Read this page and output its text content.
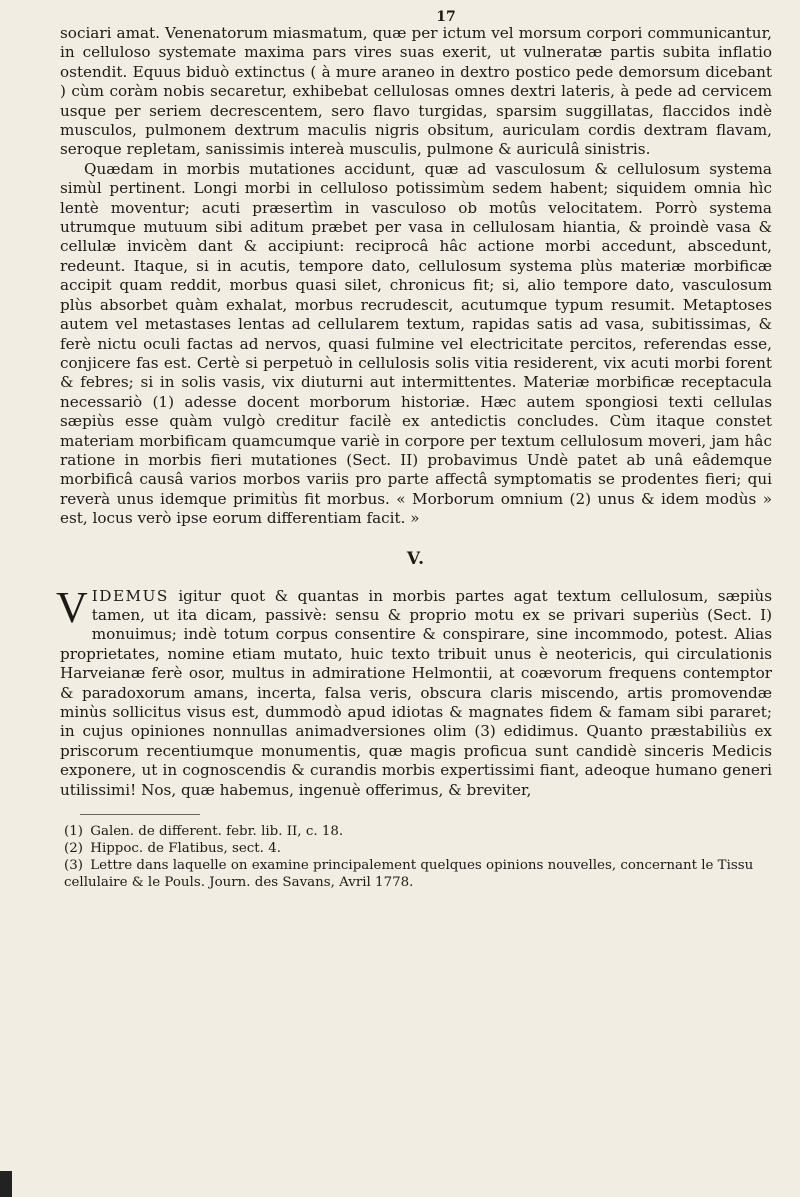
17

sociari amat. Venenatorum miasmatum, quæ per ictum vel morsum corpori communicantur, in celluloso systemate maxima pars vires suas exerit, ut vulneratæ partis subita inflatio ostendit. Equus biduò extinctus ( à mure araneo in dextro postico pede demorsum dicebant ) cùm coràm nobis secaretur, exhibebat cellulosas omnes dextri lateris, à pede ad cervicem usque per seriem decrescentem, sero flavo turgidas, sparsim suggillatas, flaccidos indè musculos, pulmonem dextrum maculis nigris obsitum, auriculam cordis dextram flavam, seroque repletam, sanissimis intereà musculis, pulmone & auriculâ sinistris.

Quædam in morbis mutationes accidunt, quæ ad vasculosum & cellulosum systema simùl pertinent. Longi morbi in celluloso potissimùm sedem habent; siquidem omnia hìc lentè moventur; acuti præsertìm in vasculoso ob motûs velocitatem. Porrò systema utrumque mutuum sibi aditum præbet per vasa in cellulosam hiantia, & proindè vasa & cellulæ invicèm dant & accipiunt: reciprocâ hâc actione morbi accedunt, abscedunt, redeunt. Itaque, si in acutis, tempore dato, cellulosum systema plùs materiæ morbificæ accipit quam reddit, morbus quasi silet, chronicus fit; si, alio tempore dato, vasculosum plùs absorbet quàm exhalat, morbus recrudescit, acutumque typum resumit. Metaptoses autem vel metastases lentas ad cellularem textum, rapidas satis ad vasa, subitissimas, & ferè nictu oculi factas ad nervos, quasi fulmine vel electricitate percitos, referendas esse, conjicere fas est. Certè si perpetuò in cellulosis solis vitia residerent, vix acuti morbi forent & febres; si in solis vasis, vix diuturni aut intermittentes. Materiæ morbificæ receptacula necessariò (1) adesse docent morborum historiæ. Hæc autem spongiosi texti cellulas sæpiùs esse quàm vulgò creditur facilè ex antedictis concludes. Cùm itaque constet materiam morbificam quamcumque variè in corpore per textum cellulosum moveri, jam hâc ratione in morbis fieri mutationes (Sect. II) probavimus Undè patet ab unâ eâdemque morbificâ causâ varios morbos variis pro parte affectâ symptomatis se prodentes fieri; qui reverà unus idemque primitùs fit morbus. « Morborum omnium (2) unus & idem modùs » est, locus verò ipse eorum differentiam facit. »

V.

V IDEMUS igitur quot & quantas in morbis partes agat textum cellulosum, sæpiùs tamen, ut ita dicam, passivè: sensu & proprio motu ex se privari superiùs (Sect. I) monuimus; indè totum corpus consentire & conspirare, sine incommodo, potest. Alias proprietates, nomine etiam mutato, huic texto tribuit unus è neotericis, qui circulationis Harveianæ ferè osor, multus in admiratione Helmontii, at coævorum frequens contemptor & paradoxorum amans, incerta, falsa veris, obscura claris miscendo, artis promovendæ minùs sollicitus visus est, dummodò apud idiotas & magnates fidem & famam sibi pararet; in cujus opiniones nonnullas animadversiones olim (3) edidimus. Quanto præstabiliùs ex priscorum recentiumque monumentis, quæ magis proficua sunt candidè sinceris Medicis exponere, ut in cognoscendis & curandis morbis expertissimi fiant, adeoque humano generi utilissimi! Nos, quæ habemus, ingenuè offerimus, & breviter,

(1) Galen. de different. febr. lib. II, c. 18.
(2) Hippoc. de Flatibus, sect. 4.
(3) Lettre dans laquelle on examine principalement quelques opinions nouvelles, concernant le Tissu cellulaire & le Pouls. Journ. des Savans, Avril 1778.
